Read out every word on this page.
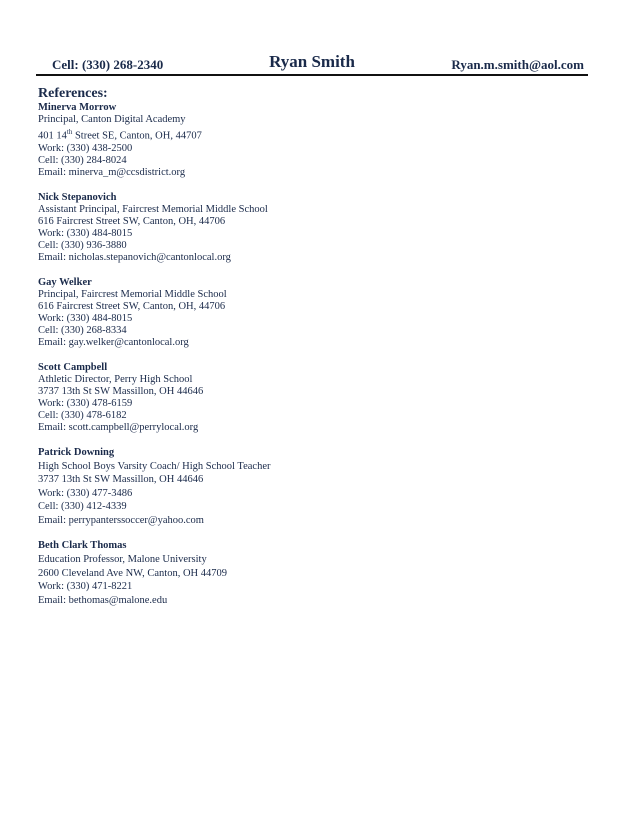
Cell: (330) 268-2340	Ryan Smith	Ryan.m.smith@aol.com
References:
Minerva Morrow
Principal, Canton Digital Academy
401 14th Street SE, Canton, OH, 44707
Work: (330) 438-2500
Cell: (330) 284-8024
Email: minerva_m@ccsdistrict.org
Nick Stepanovich
Assistant Principal, Faircrest Memorial Middle School
616 Faircrest Street SW, Canton, OH, 44706
Work: (330) 484-8015
Cell: (330) 936-3880
Email: nicholas.stepanovich@cantonlocal.org
Gay Welker
Principal, Faircrest Memorial Middle School
616 Faircrest Street SW, Canton, OH, 44706
Work: (330) 484-8015
Cell: (330) 268-8334
Email: gay.welker@cantonlocal.org
Scott Campbell
Athletic Director, Perry High School
3737 13th St SW Massillon, OH 44646
Work: (330) 478-6159
Cell: (330) 478-6182
Email: scott.campbell@perrylocal.org
Patrick Downing
High School Boys Varsity Coach/ High School Teacher
3737 13th St SW Massillon, OH 44646
Work: (330) 477-3486
Cell: (330) 412-4339
Email: perrypanterssoccer@yahoo.com
Beth Clark Thomas
Education Professor, Malone University
2600 Cleveland Ave NW, Canton, OH 44709
Work: (330) 471-8221
Email: bethomas@malone.edu
